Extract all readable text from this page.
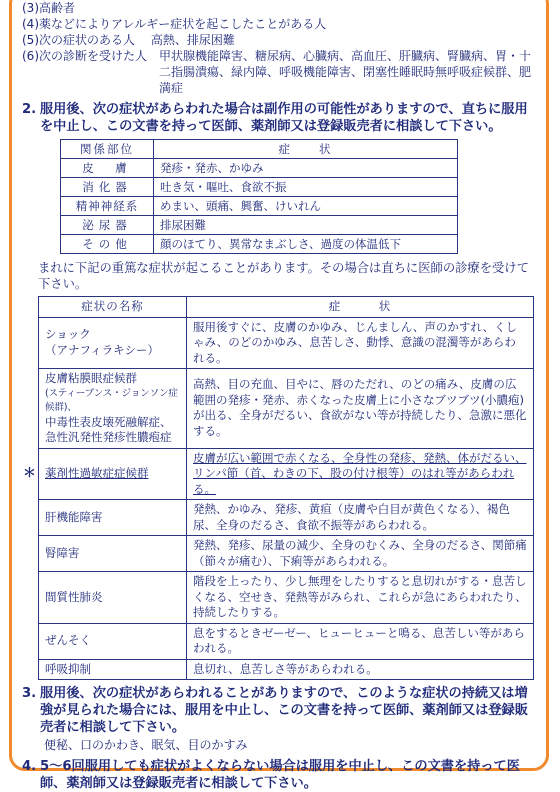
(3)高齢者
(4)薬などによりアレルギー症状を起こしたことがある人
(5)次の症状のある人　 高熱、排尿困難
(6)次の診断を受けた人	甲状腺機能障害、糖尿病、心臓病、高血圧、肝臓病、腎臓病、胃・十二指腸潰瘍、緑内障、呼吸機能障害、閉塞性睡眠時無呼吸症候群、肥満症
2. 服用後、次の症状があらわれた場合は副作用の可能性がありますので、直ちに服用を中止し、この文書を持って医師、薬剤師又は登録販売者に相談して下さい。
関係部位	症　　状
皮　膚	発疹・発赤、かゆみ
消化器	吐き気・嘔吐、食欲不振
精神神経系	めまい、頭痛、興奮、けいれん
泌尿器	排尿困難
その他	顔のほてり、異常なまぶしさ、過度の体温低下
まれに下記の重篤な症状が起こることがあります。その場合は直ちに医師の診療を受けて下さい。
症状の名称	症　　　状
ショック
（アナフィラキシー）	服用後すぐに、皮膚のかゆみ、じんましん、声のかすれ、くしゃみ、のどのかゆみ、息苦しさ、動悸、意識の混濁等があらわれる。

皮膚粘膜眼症候群
(スティーブンス・ジョンソン症候群)、
中毒性表皮壊死融解症、急性汎発性発疹性膿疱症	高熱、目の充血、目やに、唇のただれ、のどの痛み、皮膚の広範囲の発疹・発赤、赤くなった皮膚上に小さなブツブツ(小膿疱)が出る、全身がだるい、食欲がない等が持続したり、急激に悪化する。

＊ 薬剤性過敏症症候群	皮膚が広い範囲で赤くなる、全身性の発疹、発熱、体がだるい、リンパ節（首、わきの下、股の付け根等）のはれ等があらわれる。
肝機能障害	発熱、かゆみ、発疹、黄疸（皮膚や白目が黄色くなる）、褐色尿、全身のだるさ、食欲不振等があらわれる。
腎障害	発熱、発疹、尿量の減少、全身のむくみ、全身のだるさ、関節痛（節々が痛む）、下痢等があらわれる。
間質性肺炎	階段を上ったり、少し無理をしたりすると息切れがする・息苦しくなる、空せき、発熱等がみられ、これらが急にあらわれたり、持続したりする。
ぜんそく	息をするときゼーゼー、ヒューヒューと鳴る、息苦しい等があらわれる。
呼吸抑制	息切れ、息苦しさ等があらわれる。
3. 服用後、次の症状があらわれることがありますので、このような症状の持続又は増強が見られた場合には、服用を中止し、この文書を持って医師、薬剤師又は登録販売者に相談して下さい。
便秘、口のかわき、眠気、目のかすみ
4. 5～6回服用しても症状がよくならない場合は服用を中止し、この文書を持って医師、薬剤師又は登録販売者に相談して下さい。
